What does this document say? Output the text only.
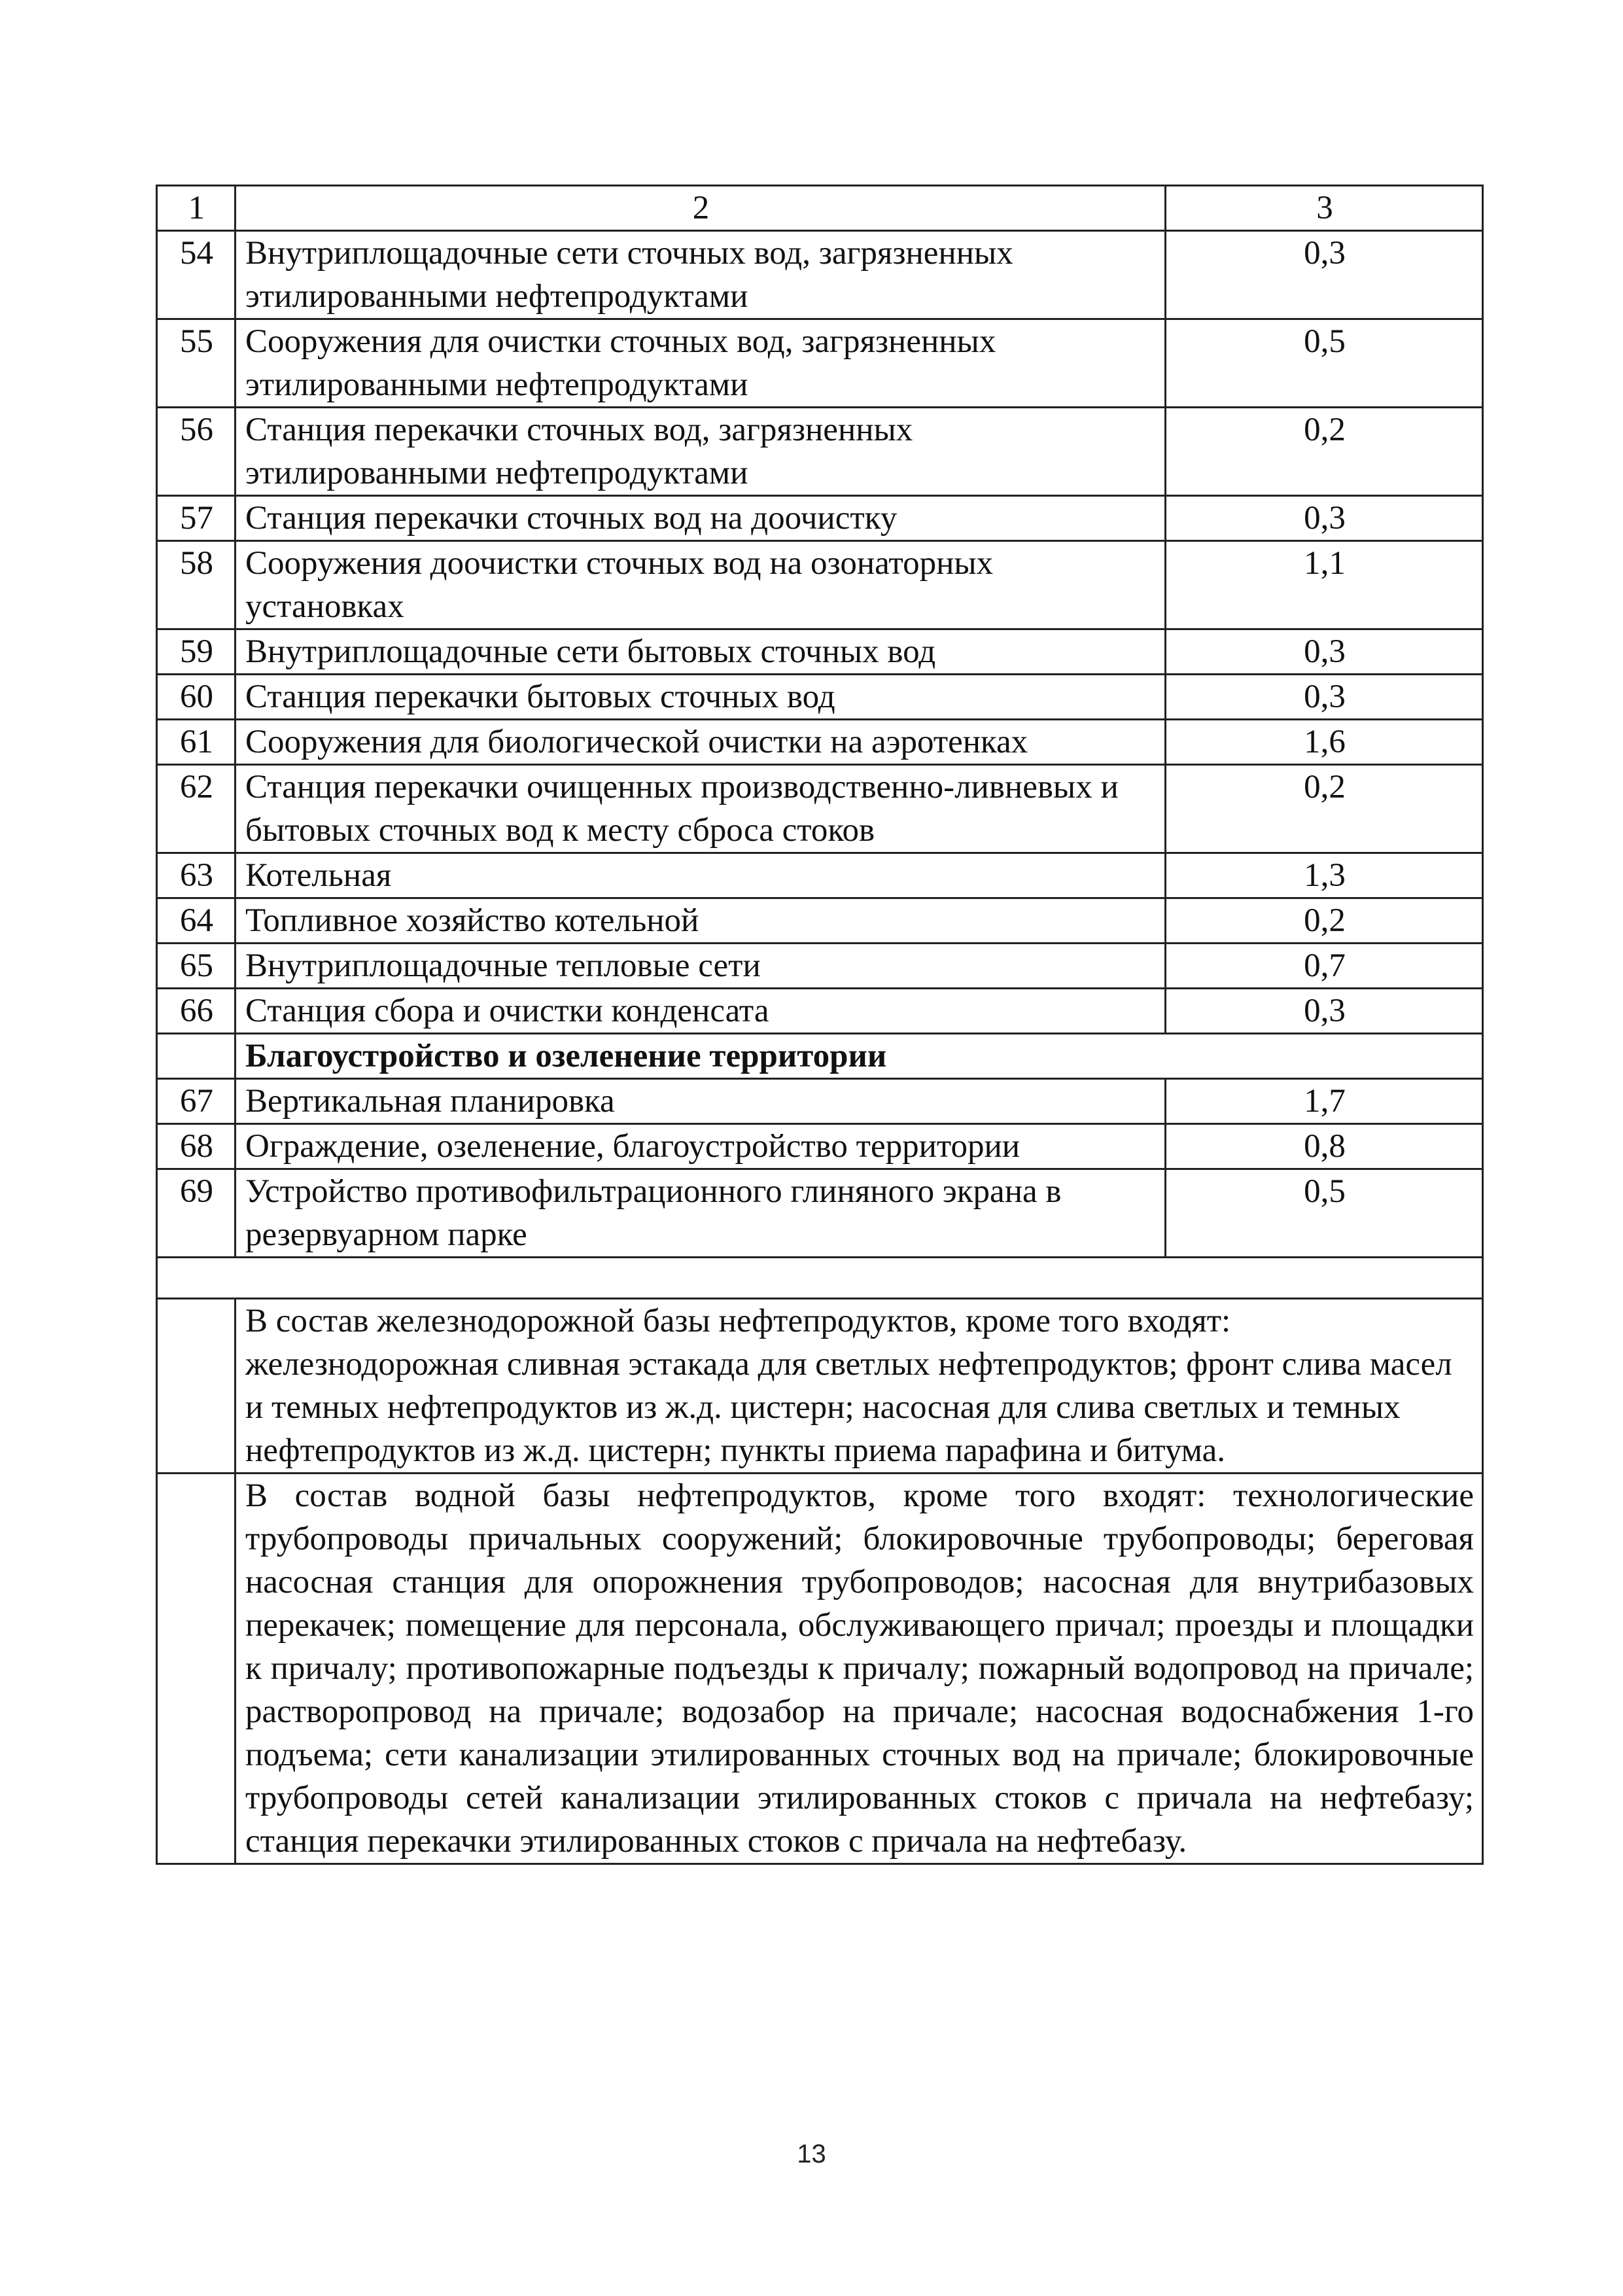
1	2	3
54	Внутриплощадочные сети сточных вод, загрязненных этилированными нефтепродуктами	0,3
55	Сооружения для очистки сточных вод, загрязненных этилированными нефтепродуктами	0,5
56	Станция перекачки сточных вод, загрязненных этилированными нефтепродуктами	0,2
57	Станция перекачки сточных вод на доочистку	0,3
58	Сооружения доочистки сточных вод на озонаторных установках	1,1
59	Внутриплощадочные сети бытовых сточных вод	0,3
60	Станция перекачки бытовых сточных вод	0,3
61	Сооружения для биологической очистки на аэротенках	1,6
62	Станция перекачки очищенных производственно-ливневых и бытовых сточных вод к месту сброса стоков	0,2
63	Котельная	1,3
64	Топливное хозяйство котельной	0,2
65	Внутриплощадочные тепловые сети	0,7
66	Станция сбора и очистки конденсата	0,3
	Благоустройство и озеленение территории	
67	Вертикальная планировка	1,7
68	Ограждение, озеленение, благоустройство территории	0,8
69	Устройство противофильтрационного глиняного экрана в резервуарном парке	0,5

	В состав железнодорожной базы нефтепродуктов, кроме того входят: железнодорожная сливная эстакада для светлых нефтепродуктов; фронт слива масел и темных нефтепродуктов из ж.д. цистерн; насосная для слива светлых и темных нефтепродуктов из ж.д. цистерн; пункты приема парафина и битума.	
	В состав водной базы нефтепродуктов, кроме того входят: технологические трубопроводы причальных сооружений; блокировочные трубопроводы; береговая насосная станция для опорожнения трубопроводов; насосная для внутрибазовых перекачек; помещение для персонала, обслуживающего причал; проезды и площадки к причалу; противопожарные подъезды к причалу; пожарный водопровод на причале; растворопровод на причале; водозабор на причале; насосная водоснабжения 1-го подъема; сети канализации этилированных сточных вод на причале; блокировочные трубопроводы сетей канализации этилированных стоков с причала на нефтебазу; станция перекачки этилированных стоков с причала на нефтебазу.	
13
